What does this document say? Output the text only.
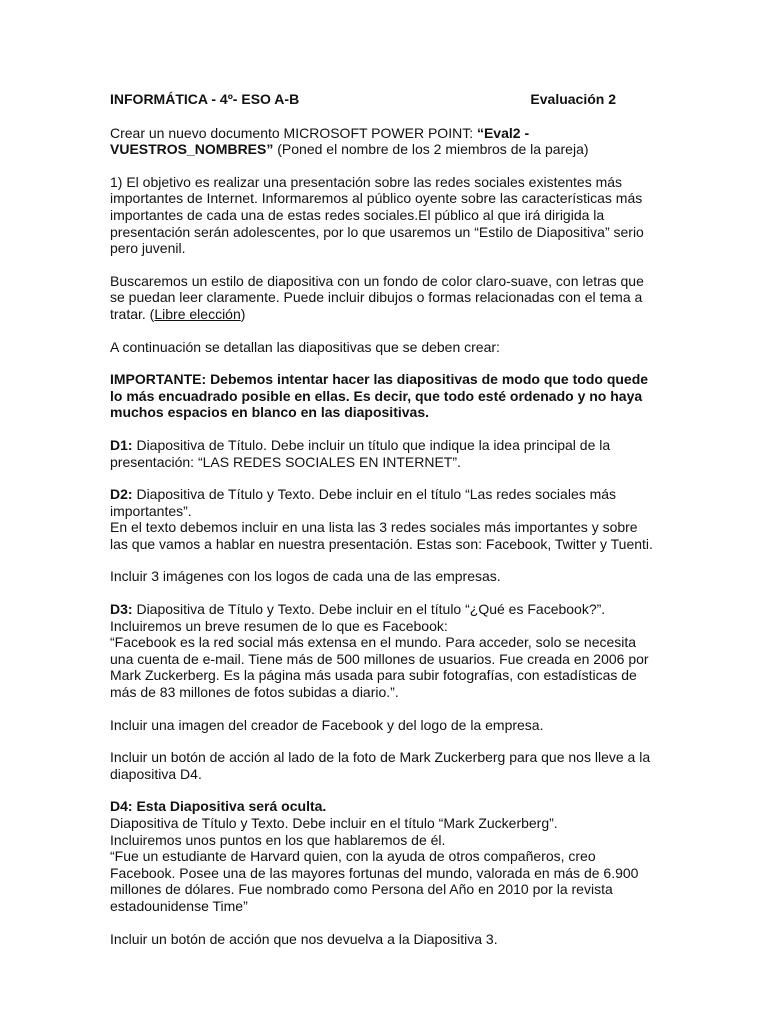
INFORMÁTICA - 4º- ESO A-B	Evaluación 2

Crear un nuevo documento MICROSOFT POWER POINT: “Eval2 - VUESTROS_NOMBRES” (Poned el nombre de los 2 miembros de la pareja)

1) El objetivo es realizar una presentación sobre las redes sociales existentes más importantes de Internet. Informaremos al público oyente sobre las características más importantes de cada una de estas redes sociales.El público al que irá dirigida la presentación serán adolescentes, por lo que usaremos un “Estilo de Diapositiva” serio pero juvenil.

Buscaremos un estilo de diapositiva con un fondo de color claro-suave, con letras que se puedan leer claramente. Puede incluir dibujos o formas relacionadas con el tema a tratar. (Libre elección)

A continuación se detallan las diapositivas que se deben crear:

IMPORTANTE: Debemos intentar hacer las diapositivas de modo que todo quede lo más encuadrado posible en ellas. Es decir, que todo esté ordenado y no haya muchos espacios en blanco en las diapositivas.

D1: Diapositiva de Título. Debe incluir un título que indique la idea principal de la presentación: “LAS REDES SOCIALES EN INTERNET”.

D2: Diapositiva de Título y Texto. Debe incluir en el título “Las redes sociales más importantes”.

En el texto debemos incluir en una lista las 3 redes sociales más importantes y sobre las que vamos a hablar en nuestra presentación. Estas son: Facebook, Twitter y Tuenti.

Incluir 3 imágenes con los logos de cada una de las empresas.

D3: Diapositiva de Título y Texto. Debe incluir en el título “¿Qué es Facebook?”.

Incluiremos un breve resumen de lo que es Facebook:

“Facebook es la red social más extensa en el mundo. Para acceder, solo se necesita una cuenta de e-mail. Tiene más de 500 millones de usuarios. Fue creada en 2006 por Mark Zuckerberg. Es la página más usada para subir fotografías, con estadísticas de más de 83 millones de fotos subidas a diario.”.

Incluir una imagen del creador de Facebook y del logo de la empresa.

Incluir un botón de acción al lado de la foto de Mark Zuckerberg para que nos lleve a la diapositiva D4.

D4: Esta Diapositiva será oculta.

Diapositiva de Título y Texto. Debe incluir en el título “Mark Zuckerberg”.

Incluiremos unos puntos en los que hablaremos de él.

“Fue un estudiante de Harvard quien, con la ayuda de otros compañeros, creo Facebook. Posee una de las mayores fortunas del mundo, valorada en más de 6.900 millones de dólares. Fue nombrado como Persona del Año en 2010 por la revista estadounidense Time”

Incluir un botón de acción que nos devuelva a la Diapositiva 3.
